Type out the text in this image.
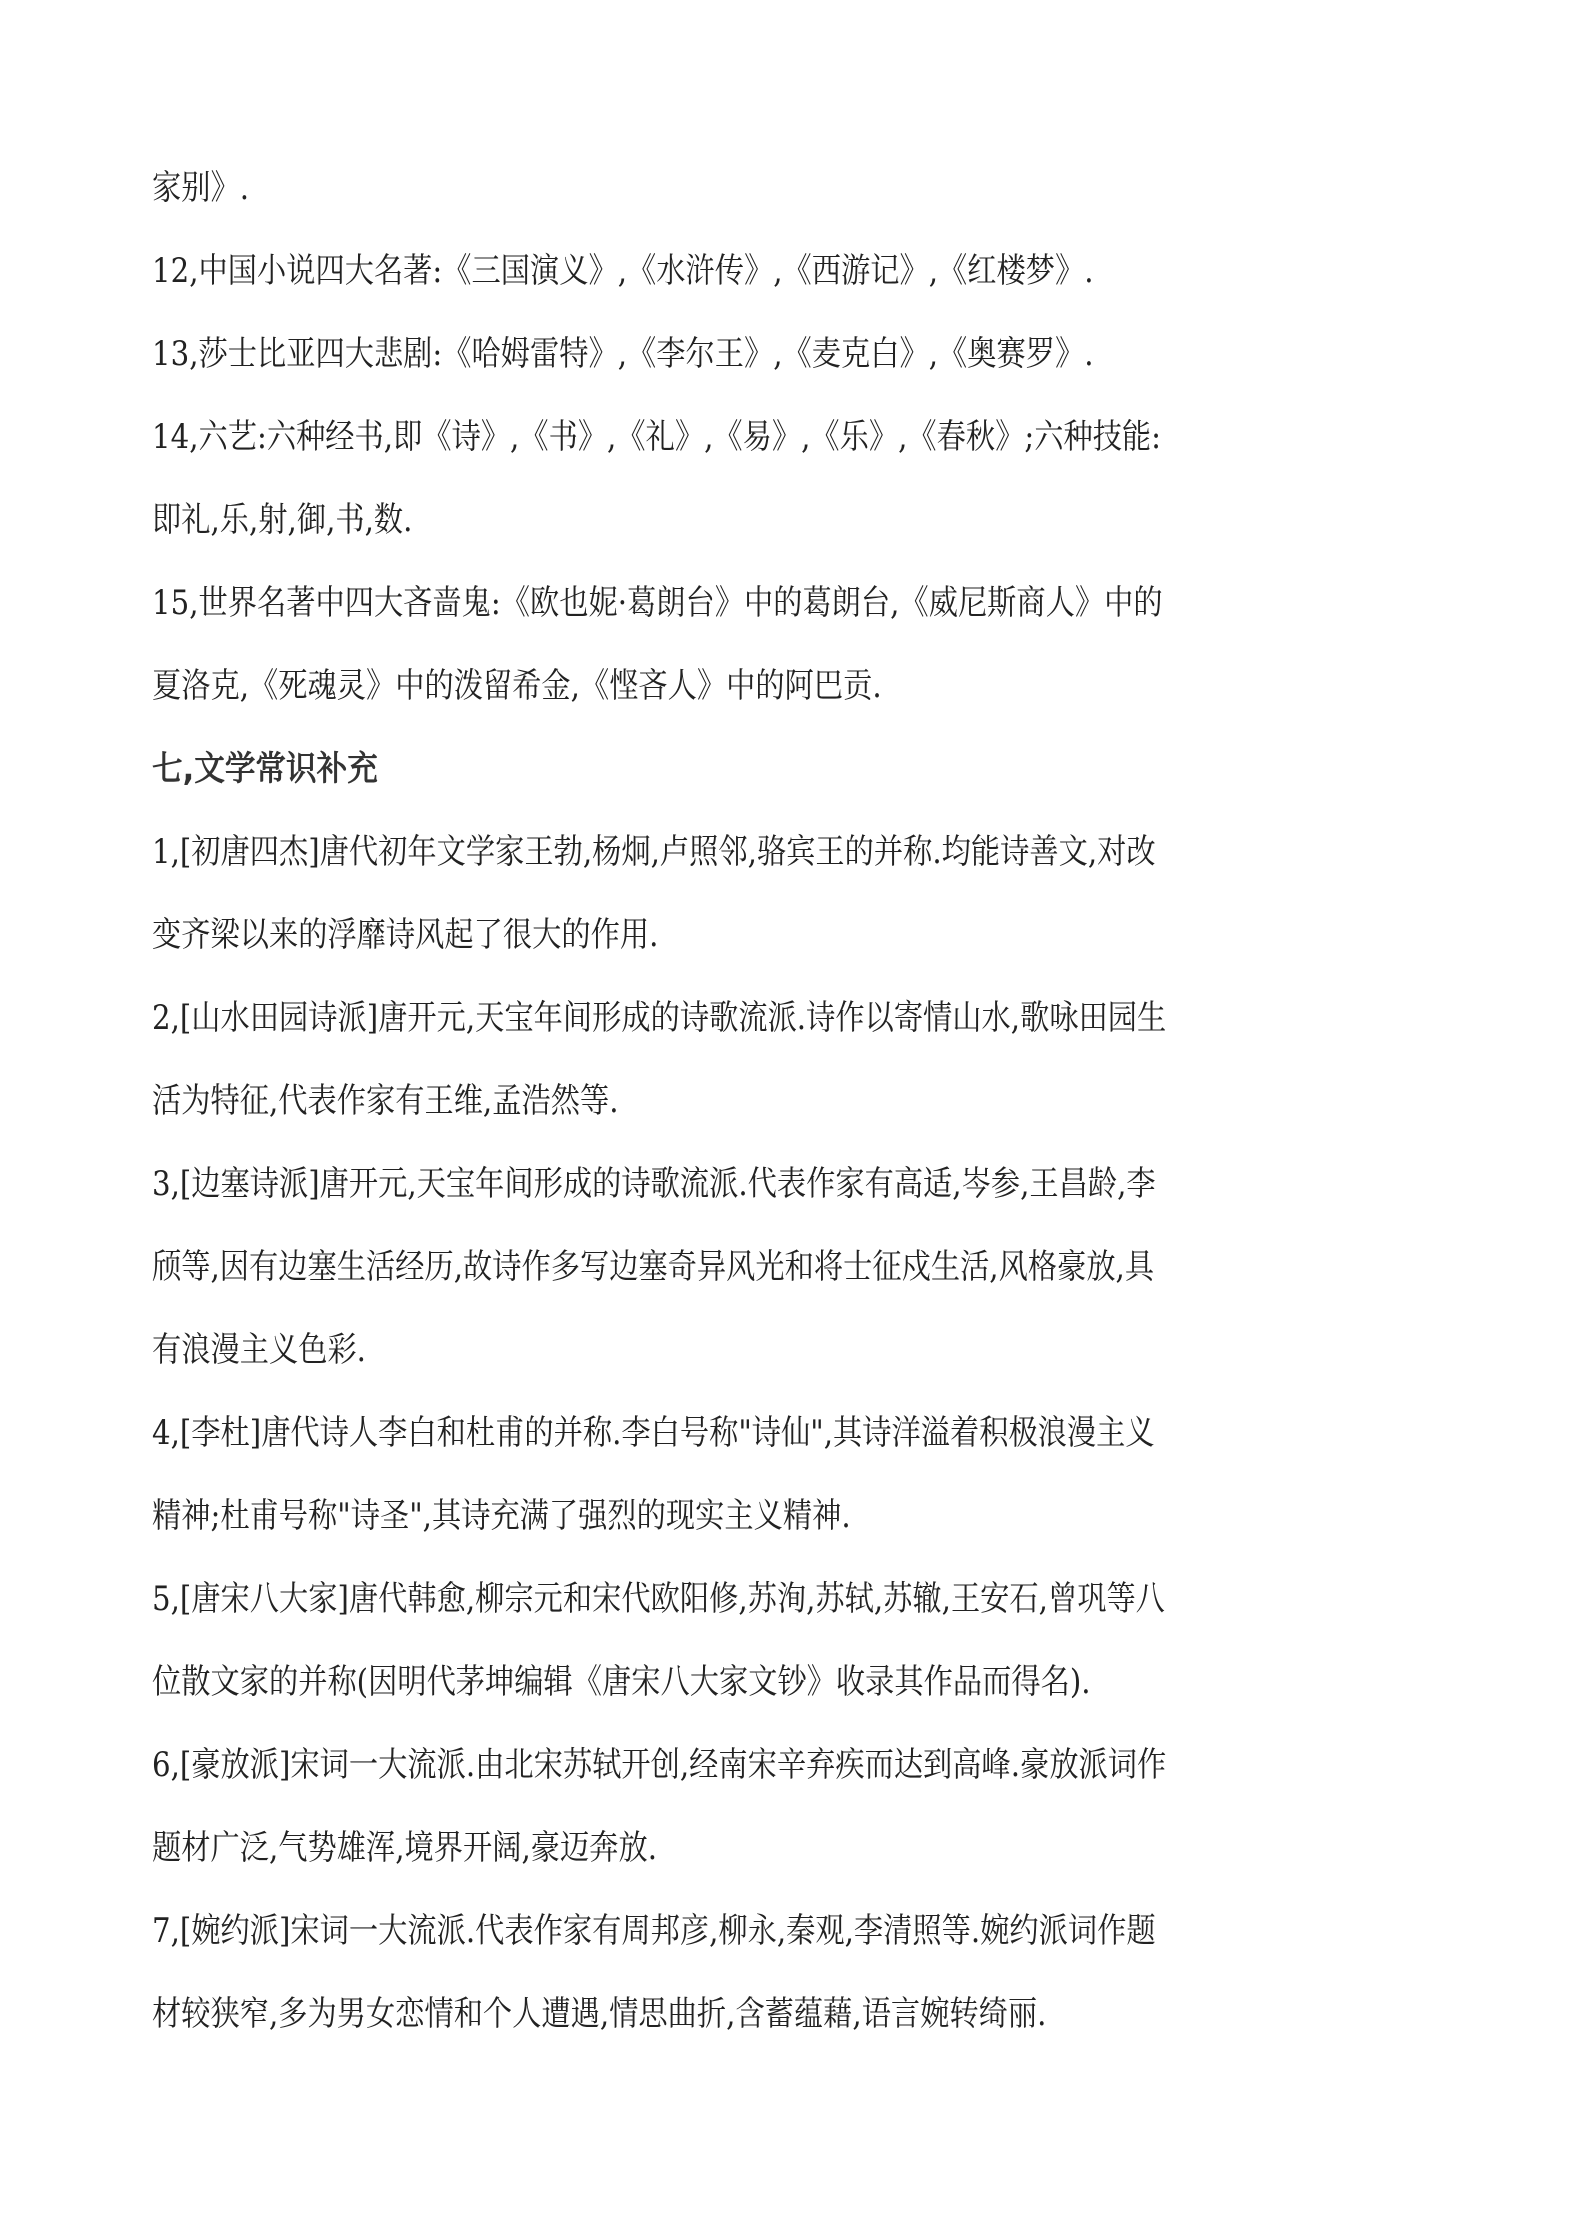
家别》.
12,中国小说四大名著:《三国演义》,《水浒传》,《西游记》,《红楼梦》.
13,莎士比亚四大悲剧:《哈姆雷特》,《李尔王》,《麦克白》,《奥赛罗》.
14,六艺:六种经书,即《诗》,《书》,《礼》,《易》,《乐》,《春秋》;六种技能:
即礼,乐,射,御,书,数.
15,世界名著中四大吝啬鬼:《欧也妮·葛朗台》中的葛朗台,《威尼斯商人》中的
夏洛克,《死魂灵》中的泼留希金,《悭吝人》中的阿巴贡.
七,文学常识补充
1,[初唐四杰]唐代初年文学家王勃,杨炯,卢照邻,骆宾王的并称.均能诗善文,对改
变齐梁以来的浮靡诗风起了很大的作用.
2,[山水田园诗派]唐开元,天宝年间形成的诗歌流派.诗作以寄情山水,歌咏田园生
活为特征,代表作家有王维,孟浩然等.
3,[边塞诗派]唐开元,天宝年间形成的诗歌流派.代表作家有高适,岑参,王昌龄,李
颀等,因有边塞生活经历,故诗作多写边塞奇异风光和将士征戍生活,风格豪放,具
有浪漫主义色彩.
4,[李杜]唐代诗人李白和杜甫的并称.李白号称"诗仙",其诗洋溢着积极浪漫主义
精神;杜甫号称"诗圣",其诗充满了强烈的现实主义精神.
5,[唐宋八大家]唐代韩愈,柳宗元和宋代欧阳修,苏洵,苏轼,苏辙,王安石,曾巩等八
位散文家的并称(因明代茅坤编辑《唐宋八大家文钞》收录其作品而得名).
6,[豪放派]宋词一大流派.由北宋苏轼开创,经南宋辛弃疾而达到高峰.豪放派词作
题材广泛,气势雄浑,境界开阔,豪迈奔放.
7,[婉约派]宋词一大流派.代表作家有周邦彦,柳永,秦观,李清照等.婉约派词作题
材较狭窄,多为男女恋情和个人遭遇,情思曲折,含蓄蕴藉,语言婉转绮丽.
